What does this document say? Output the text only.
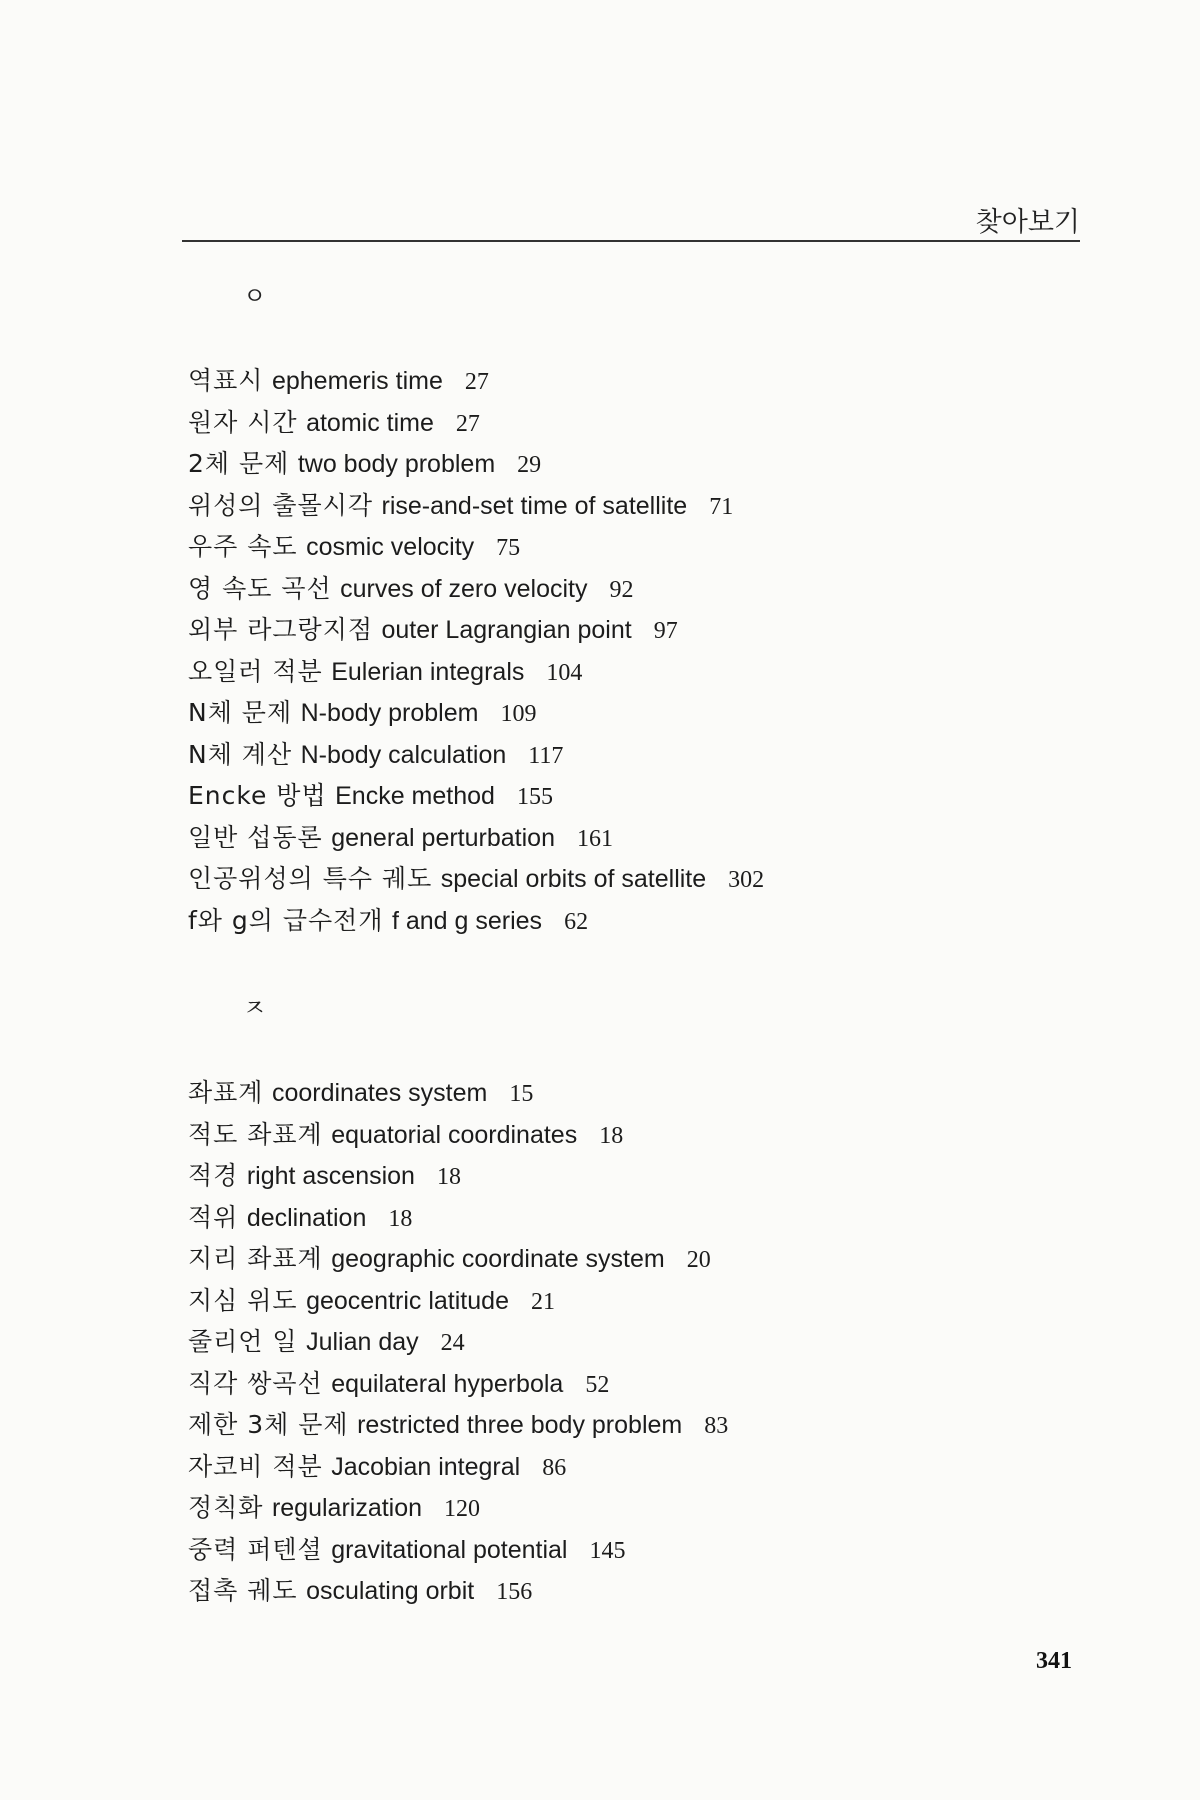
찾아보기
ㅇ
역표시 ephemeris time 27
원자 시간 atomic time 27
2체 문제 two body problem 29
위성의 출몰시각 rise-and-set time of satellite 71
우주 속도 cosmic velocity 75
영 속도 곡선 curves of zero velocity 92
외부 라그랑지점 outer Lagrangian point 97
오일러 적분 Eulerian integrals 104
N체 문제 N-body problem 109
N체 계산 N-body calculation 117
Encke 방법 Encke method 155
일반 섭동론 general perturbation 161
인공위성의 특수 궤도 special orbits of satellite 302
f와 g의 급수전개 f and g series 62
ㅈ
좌표계 coordinates system 15
적도 좌표계 equatorial coordinates 18
적경 right ascension 18
적위 declination 18
지리 좌표계 geographic coordinate system 20
지심 위도 geocentric latitude 21
줄리언 일 Julian day 24
직각 쌍곡선 equilateral hyperbola 52
제한 3체 문제 restricted three body problem 83
자코비 적분 Jacobian integral 86
정칙화 regularization 120
중력 퍼텐셜 gravitational potential 145
접촉 궤도 osculating orbit 156
341
